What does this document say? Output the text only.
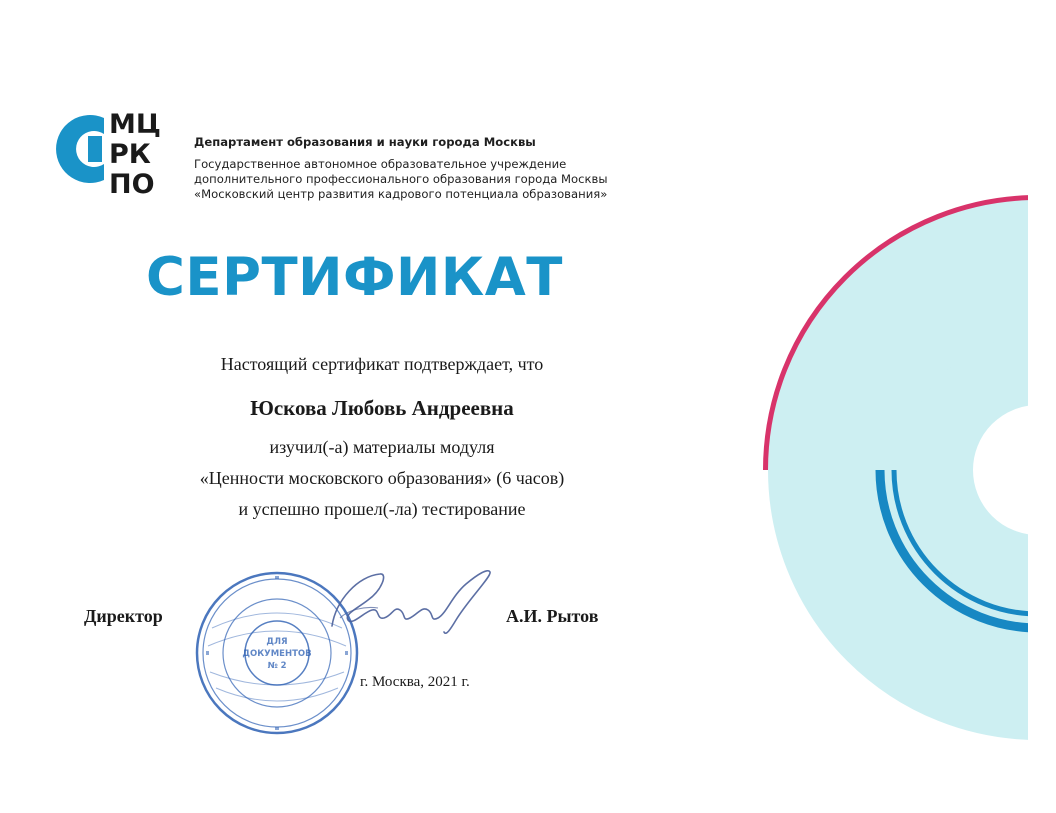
МЦ
РК
ПО
Департамент образования и науки города Москвы
Государственное автономное образовательное учреждение
дополнительного профессионального образования города Москвы
«Московский центр развития кадрового потенциала образования»
СЕРТИФИКАТ
Настоящий сертификат подтверждает, что
Юскова Любовь Андреевна
изучил(-а) материалы модуля
«Ценности московского образования» (6 часов)
и успешно прошел(-ла) тестирование
ДЛЯ
ДОКУМЕНТОВ
№ 2
Директор	А.И. Рытов
г. Москва, 2021 г.
